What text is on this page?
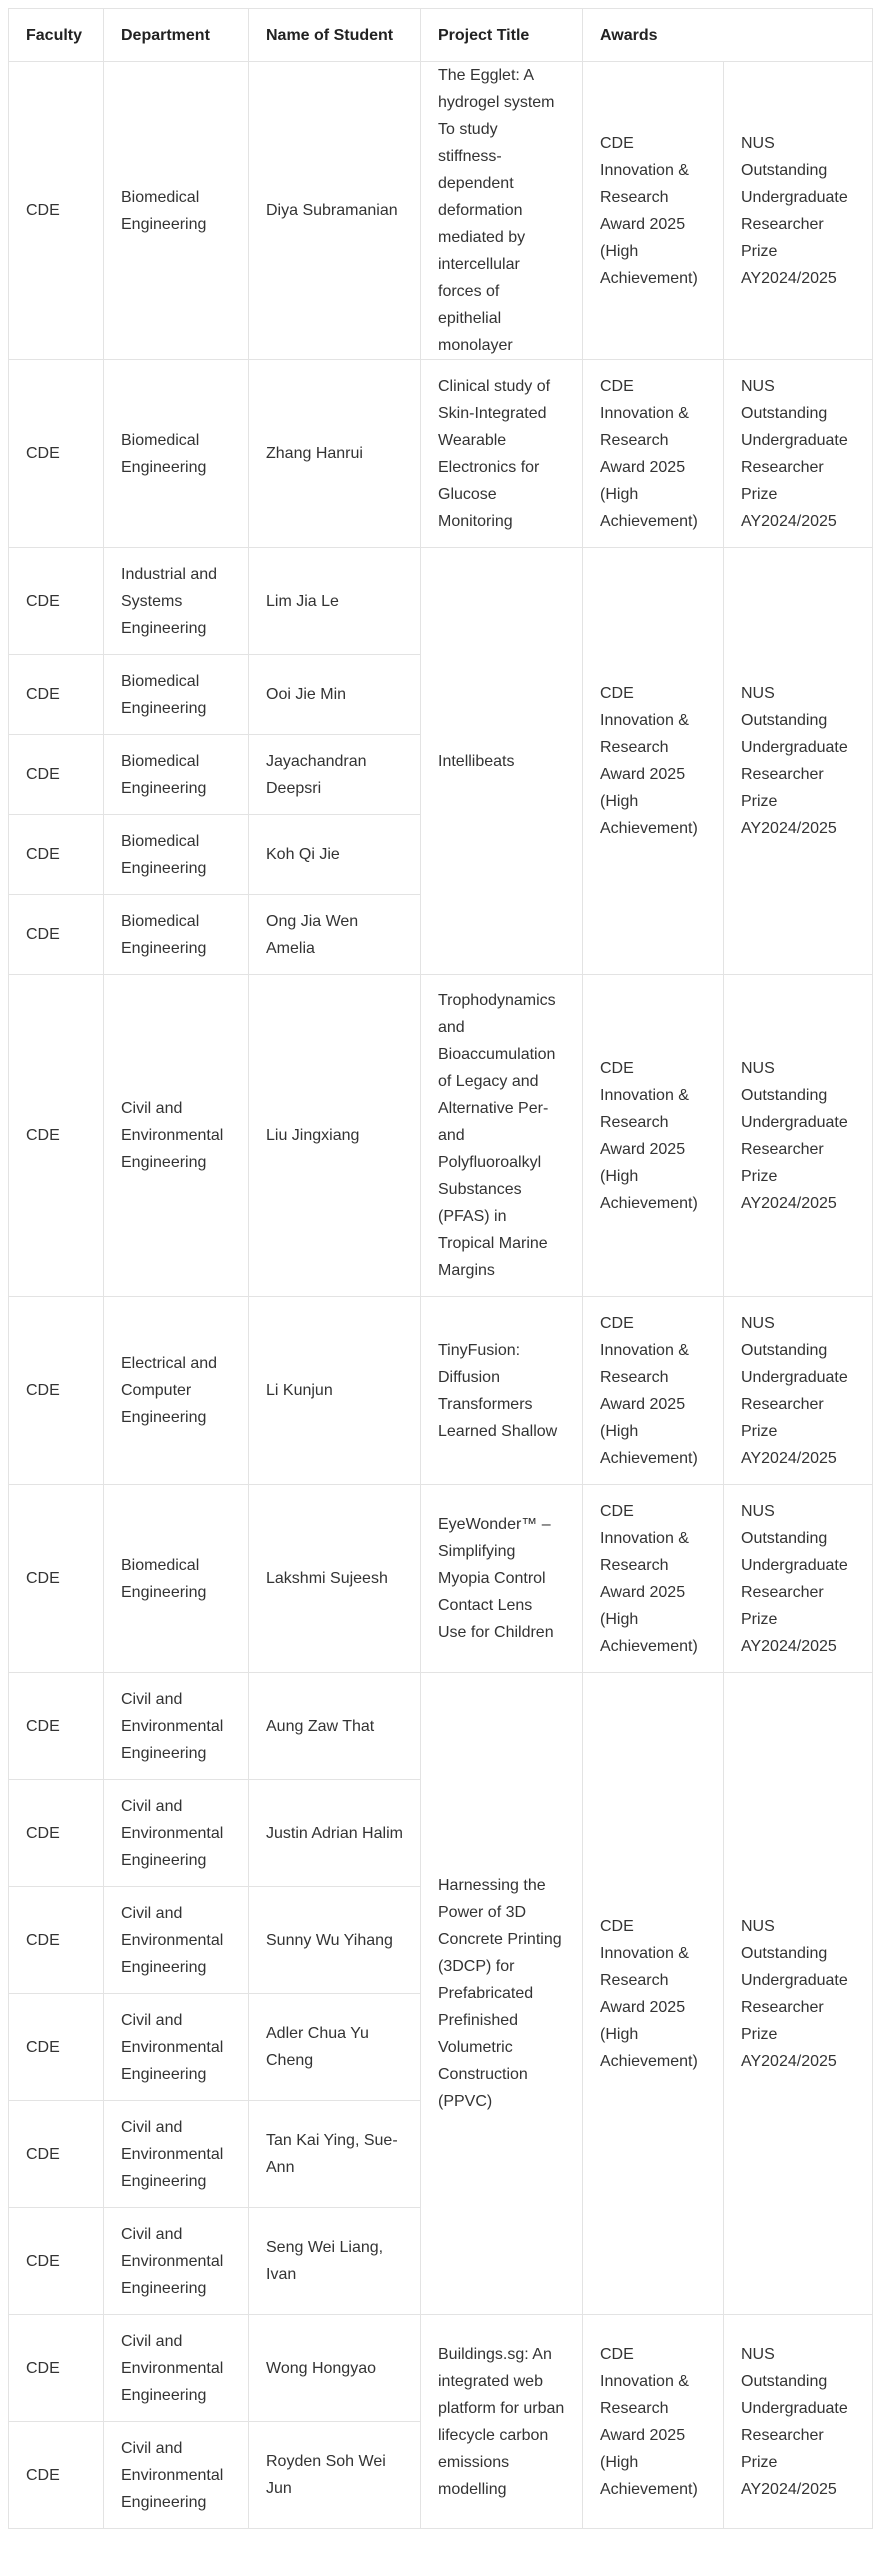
Faculty	Department	Name of Student	Project Title	Awards	
CDE	Biomedical Engineering	Diya Subramanian	The Egglet: A hydrogel system To study stiffness-dependent deformation mediated by intercellular forces of epithelial monolayer	CDE Innovation & Research Award 2025 (High Achievement)	NUS Outstanding Undergraduate Researcher Prize AY2024/2025
CDE	Biomedical Engineering	Zhang Hanrui	Clinical study of Skin-Integrated Wearable Electronics for Glucose Monitoring	CDE Innovation & Research Award 2025 (High Achievement)	NUS Outstanding Undergraduate Researcher Prize AY2024/2025
CDE	Industrial and Systems Engineering	Lim Jia Le	Intellibeats	CDE Innovation & Research Award 2025 (High Achievement)	NUS Outstanding Undergraduate Researcher Prize AY2024/2025
CDE	Biomedical Engineering	Ooi Jie Min			
CDE	Biomedical Engineering	Jayachandran Deepsri			
CDE	Biomedical Engineering	Koh Qi Jie			
CDE	Biomedical Engineering	Ong Jia Wen Amelia			
CDE	Civil and Environmental Engineering	Liu Jingxiang	Trophodynamics and Bioaccumulation of Legacy and Alternative Per- and Polyfluoroalkyl Substances (PFAS) in Tropical Marine Margins	CDE Innovation & Research Award 2025 (High Achievement)	NUS Outstanding Undergraduate Researcher Prize AY2024/2025
CDE	Electrical and Computer Engineering	Li Kunjun	TinyFusion: Diffusion Transformers Learned Shallow	CDE Innovation & Research Award 2025 (High Achievement)	NUS Outstanding Undergraduate Researcher Prize AY2024/2025
CDE	Biomedical Engineering	Lakshmi Sujeesh	EyeWonder™ – Simplifying Myopia Control Contact Lens Use for Children	CDE Innovation & Research Award 2025 (High Achievement)	NUS Outstanding Undergraduate Researcher Prize AY2024/2025
CDE	Civil and Environmental Engineering	Aung Zaw That	Harnessing the Power of 3D Concrete Printing (3DCP) for Prefabricated Prefinished Volumetric Construction (PPVC)	CDE Innovation & Research Award 2025 (High Achievement)	NUS Outstanding Undergraduate Researcher Prize AY2024/2025
CDE	Civil and Environmental Engineering	Justin Adrian Halim			
CDE	Civil and Environmental Engineering	Sunny Wu Yihang			
CDE	Civil and Environmental Engineering	Adler Chua Yu Cheng			
CDE	Civil and Environmental Engineering	Tan Kai Ying, Sue-Ann			
CDE	Civil and Environmental Engineering	Seng Wei Liang, Ivan			
CDE	Civil and Environmental Engineering	Wong Hongyao	Buildings.sg: An integrated web platform for urban lifecycle carbon emissions modelling	CDE Innovation & Research Award 2025 (High Achievement)	NUS Outstanding Undergraduate Researcher Prize AY2024/2025
CDE	Civil and Environmental Engineering	Royden Soh Wei Jun			
